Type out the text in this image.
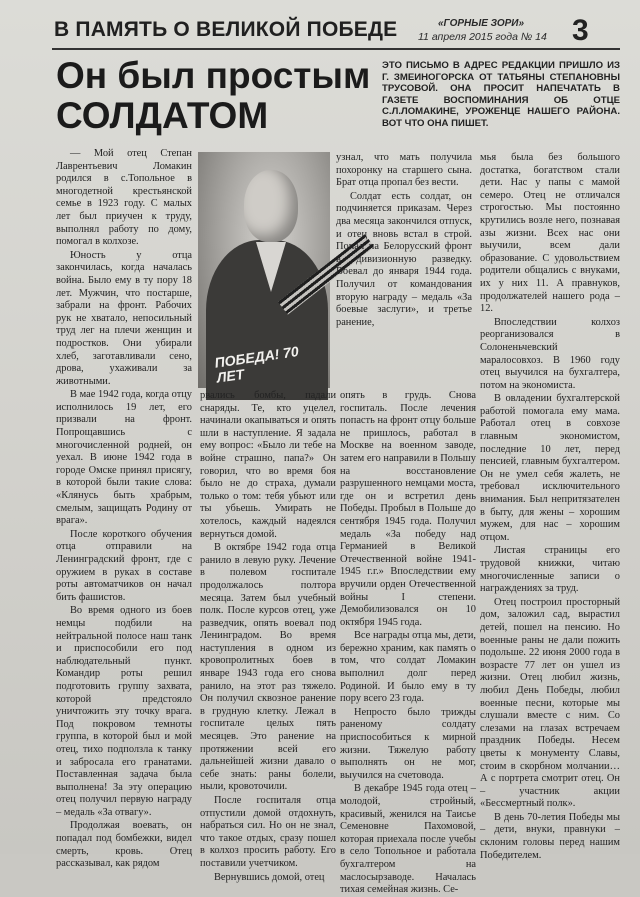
В ПАМЯТЬ О ВЕЛИКОЙ ПОБЕДЕ	«ГОРНЫЕ ЗОРИ»
11 апреля 2015 года № 14 3
Он был простым
СОЛДАТОМ
ЭТО ПИСЬМО В АДРЕС РЕДАКЦИИ ПРИШЛО ИЗ Г. ЗМЕИНОГОРСКА ОТ ТАТЬЯНЫ СТЕПАНОВНЫ ТРУСОВОЙ. ОНА ПРОСИТ НАПЕЧАТАТЬ В ГАЗЕТЕ ВОСПОМИНАНИЯ ОБ ОТЦЕ С.Л.ЛОМАКИНЕ, УРОЖЕНЦЕ НАШЕГО РАЙОНА. ВОТ ЧТО ОНА ПИШЕТ.

— Мой отец Степан Лаврентьевич Ломакин родился в с.Топольное в многодетной крестьянской семье в 1923 году. С малых лет был приучен к труду, выполнял работу по дому, помогал в колхозе.

Юность у отца закончилась, когда началась война. Было ему в ту пору 18 лет. Мужчин, что постарше, забрали на фронт. Рабочих рук не хватало, непосильный труд лег на плечи женщин и подростков. Они убирали хлеб, заготавливали сено, дрова, ухаживали за животными.

В мае 1942 года, когда отцу исполнилось 19 лет, его призвали на фронт. Попрощавшись с многочисленной родней, он уехал. В июне 1942 года в городе Омске принял присягу, в которой были такие слова: «Клянусь быть храбрым, смелым, защищать Родину от врага».

После короткого обучения отца отправили на Ленинградский фронт, где с оружием в руках в составе роты автоматчиков он начал бить фашистов.

Во время одного из боев немцы подбили на нейтральной полосе наш танк и приспособили его под наблюдательный пункт. Командир роты решил подготовить группу захвата, которой предстояло уничтожить эту точку врага. Под покровом темноты группа, в которой был и мой отец, тихо подползла к танку и забросала его гранатами. Поставленная задача была выполнена! За эту операцию отец получил первую награду – медаль «За отвагу».

Продолжая воевать, он попадал под бомбежки, видел смерть, кровь. Отец рассказывал, как рядом

ПОБЕДА! 70 ЛЕТ

узнал, что мать получила похоронку на старшего сына. Брат отца пропал без вести.

Солдат есть солдат, он подчиняется приказам. Через два месяца закончился отпуск, и отец вновь встал в строй. Попал на Белорусский фронт в дивизионную разведку. Воевал до января 1944 года. Получил от командования вторую награду – медаль «За боевые заслуги», и третье ранение,

рвались бомбы, падали снаряды. Те, кто уцелел, начинали окапываться и опять шли в наступление. Я задала ему вопрос: «Было ли тебе на войне страшно, папа?» Он говорил, что во время боя было не до страха, думали только о том: тебя убьют или ты убьешь. Умирать не хотелось, каждый надеялся вернуться домой.

В октябре 1942 года отца ранило в левую руку. Лечение в полевом госпитале продолжалось полтора месяца. Затем был учебный полк. После курсов отец, уже разведчик, опять воевал под Ленинградом. Во время наступления в одном из кровопролитных боев в январе 1943 года его снова ранило, на этот раз тяжело. Он получил сквозное ранение в грудную клетку. Лежал в госпитале целых пять месяцев. Это ранение на протяжении всей его дальнейшей жизни давало о себе знать: раны болели, ныли, кровоточили.

После госпиталя отца отпустили домой отдохнуть, набраться сил. Но он не знал, что такое отдых, сразу пошел в колхоз просить работу. Его поставили учетчиком.

Вернувшись домой, отец

опять в грудь. Снова госпиталь. После лечения попасть на фронт отцу больше не пришлось, работал в Москве на военном заводе, затем его направили в Польшу на восстановление разрушенного немцами моста, где он и встретил день Победы. Пробыл в Польше до сентября 1945 года. Получил медаль «За победу над Германией в Великой Отечественной войне 1941-1945 г.г.» Впоследствии ему вручили орден Отечественной войны I степени. Демобилизовался он 10 октября 1945 года.

Все награды отца мы, дети, бережно храним, как память о том, что солдат Ломакин выполнил долг перед Родиной. И было ему в ту пору всего 23 года.

Непросто было трижды раненому солдату приспособиться к мирной жизни. Тяжелую работу выполнять он не мог, выучился на счетовода.

В декабре 1945 года отец – молодой, стройный, красивый, женился на Таисье Семеновне Пахомовой, которая приехала после учебы в село Топольное и работала бухгалтером на маслосырзаводе. Началась тихая семейная жизнь. Се-

мья была без большого достатка, богатством стали дети. Нас у папы с мамой семеро. Отец не отличался строгостью. Мы постоянно крутились возле него, познавая азы жизни. Всех нас они выучили, всем дали образование. С удовольствием родители общались с внуками, их у них 11. А правнуков, продолжателей нашего рода – 12.

Впоследствии колхоз реорганизовался в Солоненьчевский маралосовхоз. В 1960 году отец выучился на бухгалтера, потом на экономиста.

В овладении бухгалтерской работой помогала ему мама. Работал отец в совхозе главным экономистом, последние 10 лет, перед пенсией, главным бухгалтером. Он не умел себя жалеть, не требовал исключительного внимания. Был непритязателен в быту, для жены – хорошим мужем, для нас – хорошим отцом.

Листая страницы его трудовой книжки, читаю многочисленные записи о награждениях за труд.

Отец построил просторный дом, заложил сад, вырастил детей, пошел на пенсию. Но военные раны не дали пожить подольше. 22 июня 2000 года в возрасте 77 лет он ушел из жизни. Отец любил жизнь, любил День Победы, любил военные песни, которые мы слушали вместе с ним. Со слезами на глазах встречаем праздник Победы. Несем цветы к монументу Славы, стоим в скорбном молчании… А с портрета смотрит отец. Он – участник акции «Бессмертный полк».

В день 70-летия Победы мы – дети, внуки, правнуки – склоним головы перед нашим Победителем.
